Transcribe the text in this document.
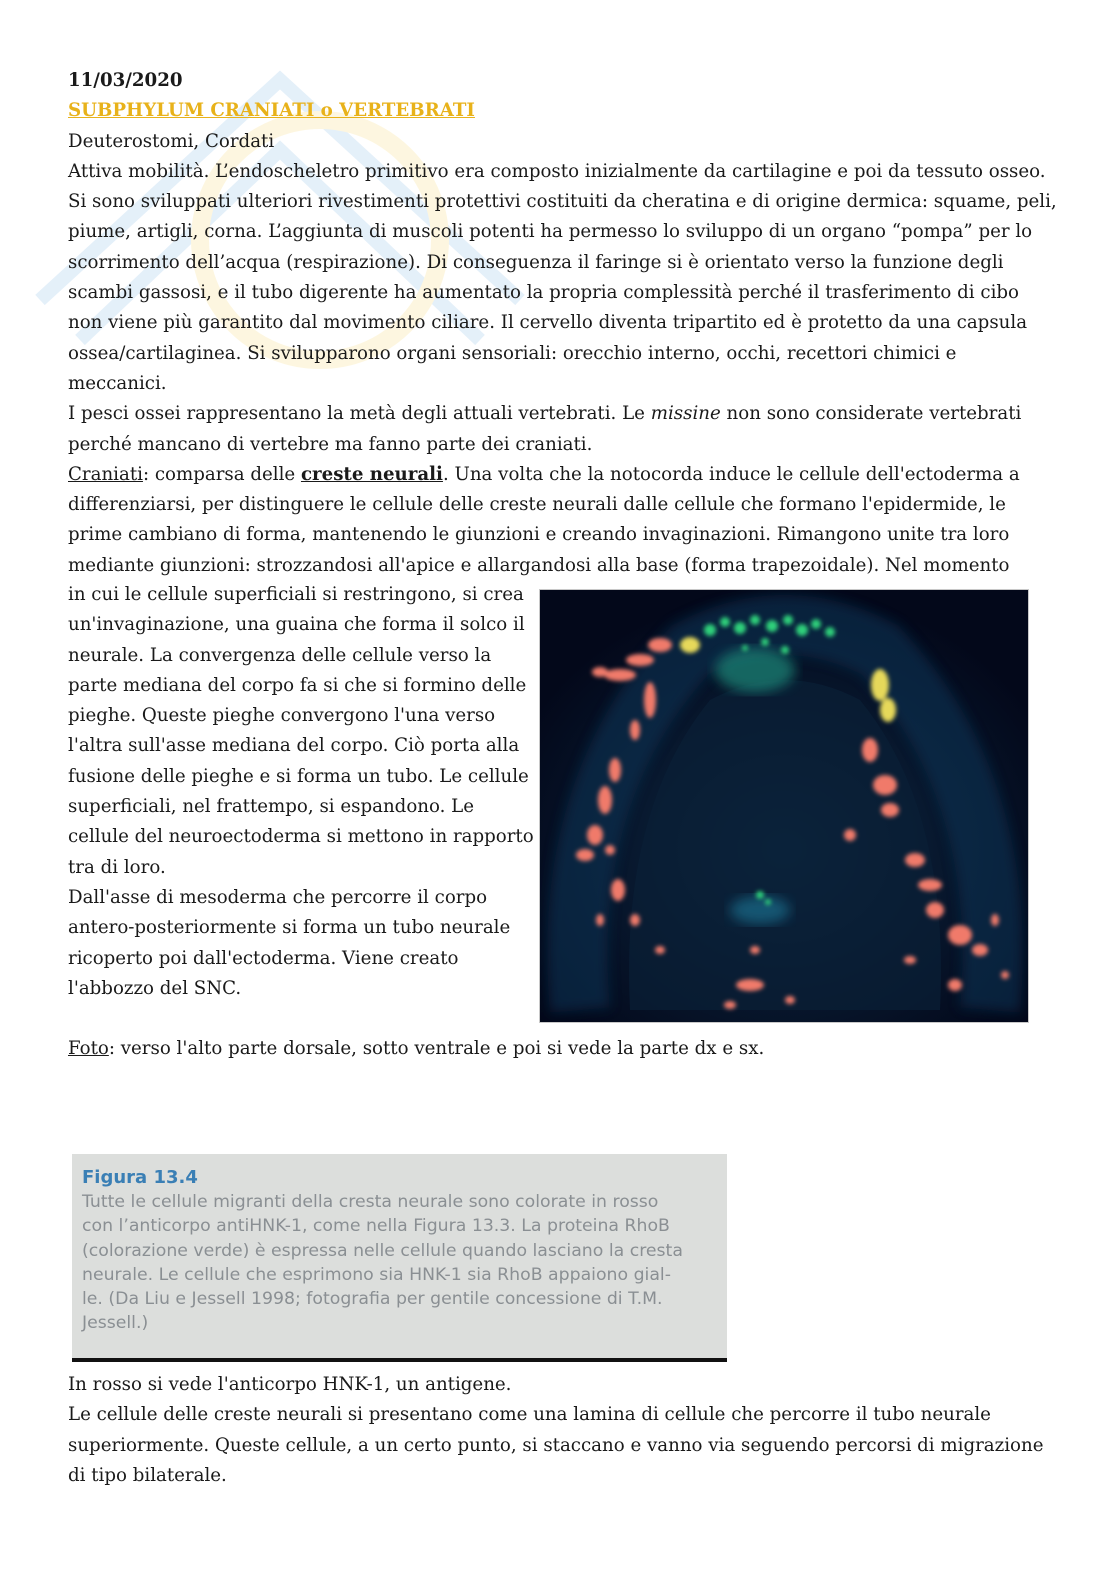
11/03/2020

SUBPHYLUM CRANIATI o VERTEBRATI

Deuterostomi, Cordati

Attiva mobilità. L’endoscheletro primitivo era composto inizialmente da cartilagine e poi da tessuto osseo. Si sono sviluppati ulteriori rivestimenti protettivi costituiti da cheratina e di origine dermica: squame, peli, piume, artigli, corna. L’aggiunta di muscoli potenti ha permesso lo sviluppo di un organo “pompa” per lo scorrimento dell’acqua (respirazione). Di conseguenza il faringe si è orientato verso la funzione degli scambi gassosi, e il tubo digerente ha aumentato la propria complessità perché il trasferimento di cibo non viene più garantito dal movimento ciliare. Il cervello diventa tripartito ed è protetto da una capsula ossea/cartilaginea. Si svilupparono organi sensoriali: orecchio interno, occhi, recettori chimici e meccanici.

I pesci ossei rappresentano la metà degli attuali vertebrati. Le missine non sono considerate vertebrati perché mancano di vertebre ma fanno parte dei craniati.

Craniati: comparsa delle creste neurali. Una volta che la notocorda induce le cellule dell'ectoderma a differenziarsi, per distinguere le cellule delle creste neurali dalle cellule che formano l'epidermide, le prime cambiano di forma, mantenendo le giunzioni e creando invaginazioni. Rimangono unite tra loro mediante giunzioni: strozzandosi all'apice e allargandosi alla base (forma trapezoidale). Nel momento

in cui le cellule superficiali si restringono, si crea un'invaginazione, una guaina che forma il solco il neurale. La convergenza delle cellule verso la parte mediana del corpo fa si che si formino delle pieghe. Queste pieghe convergono l'una verso l'altra sull'asse mediana del corpo. Ciò porta alla fusione delle pieghe e si forma un tubo. Le cellule superficiali, nel frattempo, si espandono. Le cellule del neuroectoderma si mettono in rapporto tra di loro.

Dall'asse di mesoderma che percorre il corpo antero-posteriormente si forma un tubo neurale ricoperto poi dall'ectoderma. Viene creato l'abbozzo del SNC.

Foto: verso l'alto parte dorsale, sotto ventrale e poi si vede la parte dx e sx.

Figura 13.4
Tutte le cellule migranti della cresta neurale sono colorate in rosso
con l’anticorpo antiHNK-1, come nella Figura 13.3. La proteina RhoB
(colorazione verde) è espressa nelle cellule quando lasciano la cresta
neurale. Le cellule che esprimono sia HNK-1 sia RhoB appaiono gial-
le. (Da Liu e Jessell 1998; fotografia per gentile concessione di T.M.
Jessell.)

In rosso si vede l'anticorpo HNK-1, un antigene.

Le cellule delle creste neurali si presentano come una lamina di cellule che percorre il tubo neurale superiormente. Queste cellule, a un certo punto, si staccano e vanno via seguendo percorsi di migrazione di tipo bilaterale.
